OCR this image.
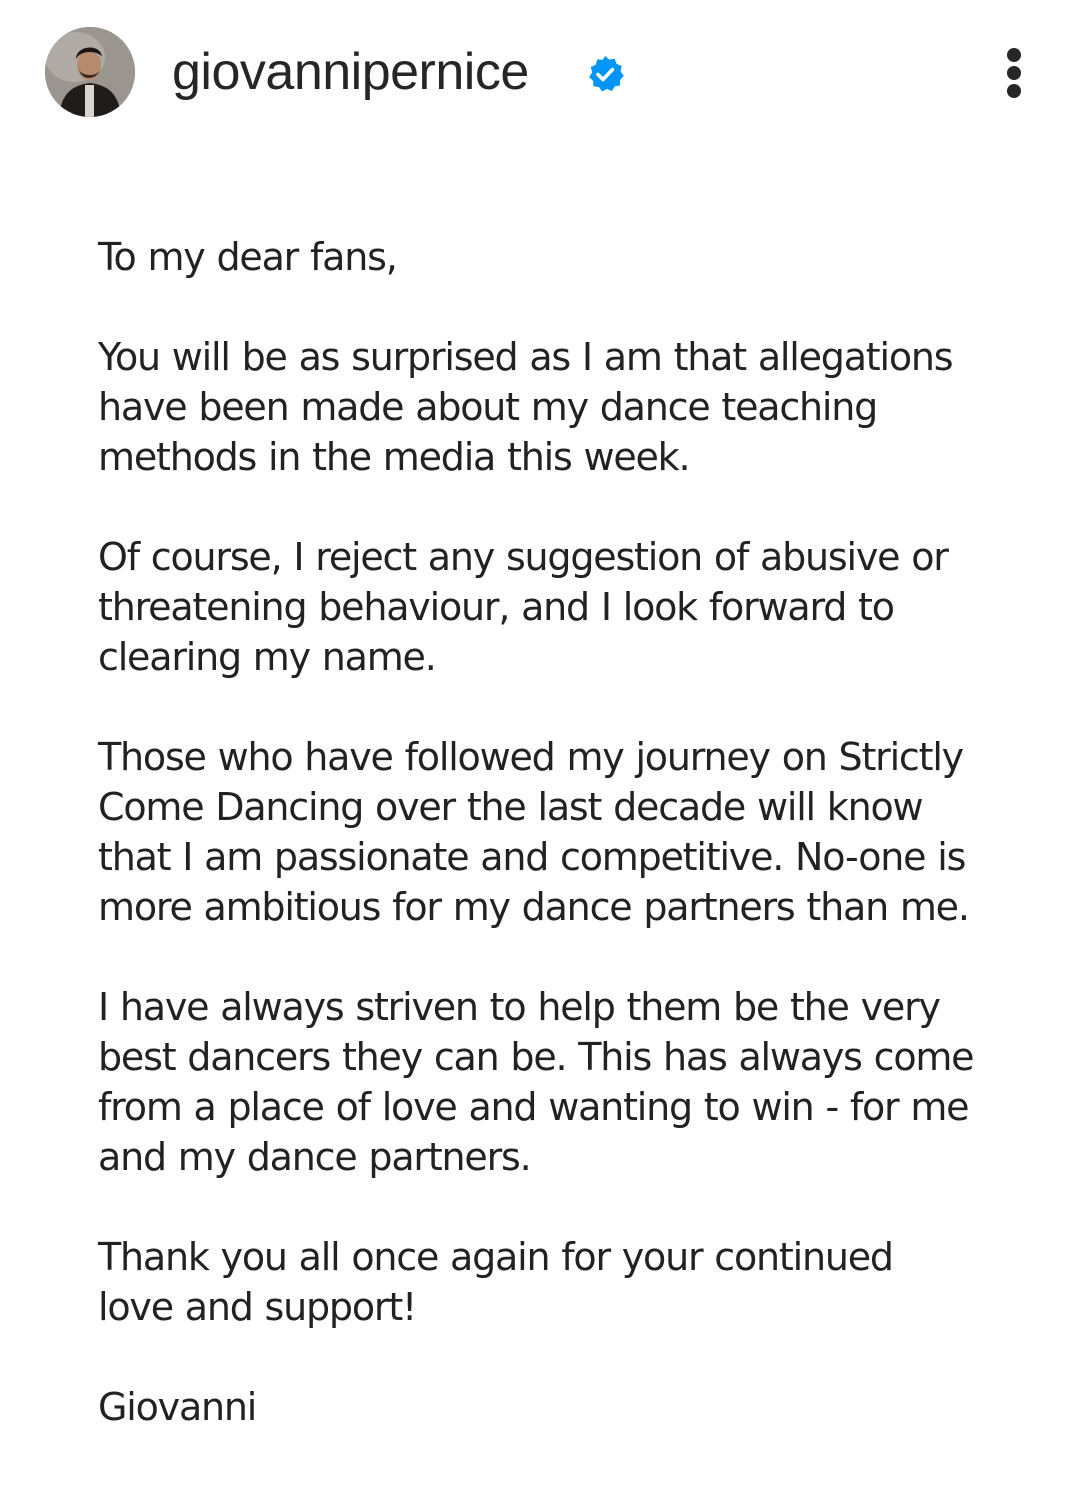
giovannipernice
To my dear fans,
You will be as surprised as I am that allegations
have been made about my dance teaching
methods in the media this week.
Of course, I reject any suggestion of abusive or
threatening behaviour, and I look forward to
clearing my name.
Those who have followed my journey on Strictly
Come Dancing over the last decade will know
that I am passionate and competitive. No-one is
more ambitious for my dance partners than me.
I have always striven to help them be the very
best dancers they can be. This has always come
from a place of love and wanting to win - for me
and my dance partners.
Thank you all once again for your continued
love and support!
Giovanni
